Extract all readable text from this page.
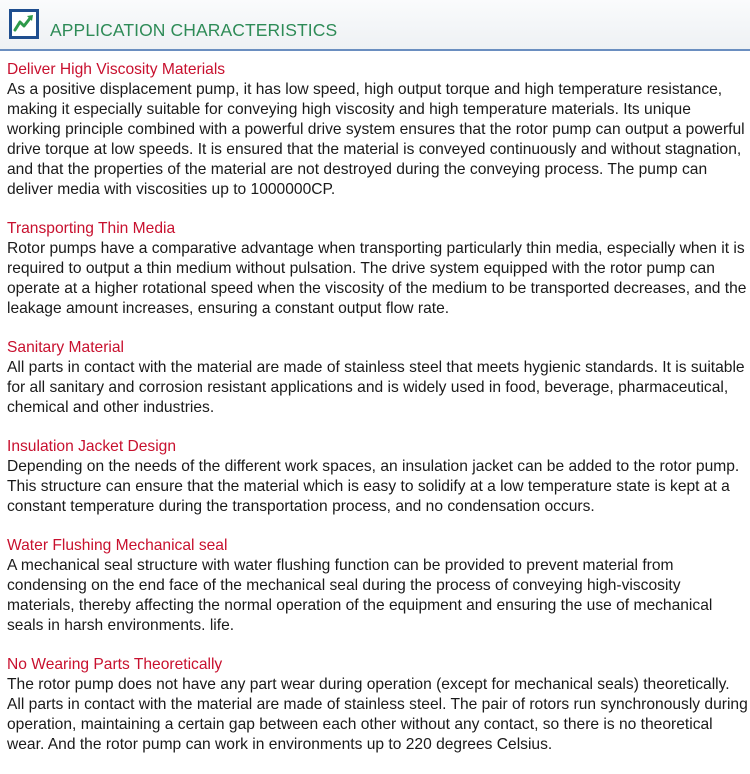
APPLICATION CHARACTERISTICS

Deliver High Viscosity Materials

As a positive displacement pump, it has low speed, high output torque and high temperature resistance, making it especially suitable for conveying high viscosity and high temperature materials. Its unique working principle combined with a powerful drive system ensures that the rotor pump can output a powerful drive torque at low speeds. It is ensured that the material is conveyed continuously and without stagnation, and that the properties of the material are not destroyed during the conveying process. The pump can deliver media with viscosities up to 1000000CP.

Transporting Thin Media

Rotor pumps have a comparative advantage when transporting particularly thin media, especially when it is required to output a thin medium without pulsation. The drive system equipped with the rotor pump can operate at a higher rotational speed when the viscosity of the medium to be transported decreases, and the leakage amount increases, ensuring a constant output flow rate.

Sanitary Material

All parts in contact with the material are made of stainless steel that meets hygienic standards. It is suitable for all sanitary and corrosion resistant applications and is widely used in food, beverage, pharmaceutical, chemical and other industries.

Insulation Jacket Design

Depending on the needs of the different work spaces, an insulation jacket can be added to the rotor pump. This structure can ensure that the material which is easy to solidify at a low temperature state is kept at a constant temperature during the transportation process, and no condensation occurs.

Water Flushing Mechanical seal

A mechanical seal structure with water flushing function can be provided to prevent material from condensing on the end face of the mechanical seal during the process of conveying high-viscosity materials, thereby affecting the normal operation of the equipment and ensuring the use of mechanical seals in harsh environments. life.

No Wearing Parts Theoretically

The rotor pump does not have any part wear during operation (except for mechanical seals) theoretically. All parts in contact with the material are made of stainless steel. The pair of rotors run synchronously during operation, maintaining a certain gap between each other without any contact, so there is no theoretical wear. And the rotor pump can work in environments up to 220 degrees Celsius.
